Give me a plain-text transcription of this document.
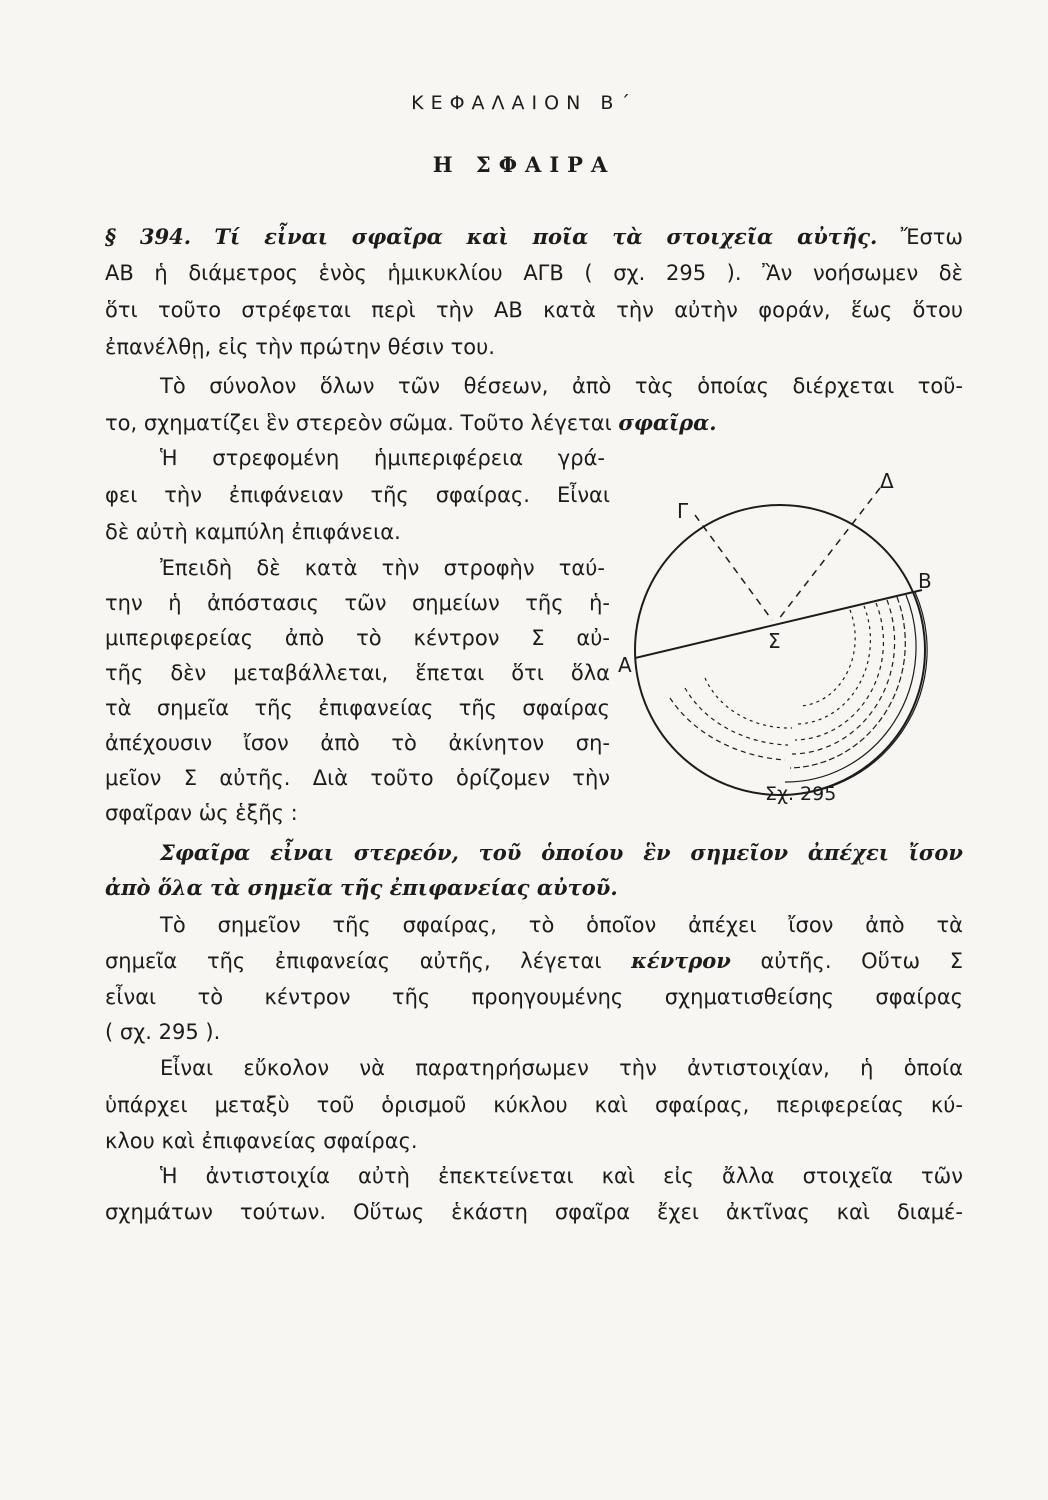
ΚΕΦΑΛΑΙΟΝ Β΄
Η ΣΦΑΙΡΑ
§ 394. Τί εἶναι σφαῖρα καὶ ποῖα τὰ στοιχεῖα αὐτῆς. Ἔστω
ΑΒ ἡ διάμετρος ἑνὸς ἡμικυκλίου ΑΓΒ ( σχ. 295 ). Ἂν νοήσωμεν δὲ
ὅτι τοῦτο στρέφεται περὶ τὴν ΑΒ κατὰ τὴν αὐτὴν φοράν, ἕως ὅτου
ἐπανέλθῃ, εἰς τὴν πρώτην θέσιν του.
Τὸ σύνολον ὅλων τῶν θέσεων, ἀπὸ τὰς ὁποίας διέρχεται τοῦ-
το, σχηματίζει ἓν στερεὸν σῶμα. Τοῦτο λέγεται σφαῖρα.
Ἡ στρεφομένη ἡμιπεριφέρεια γρά-
φει τὴν ἐπιφάνειαν τῆς σφαίρας. Εἶναι
δὲ αὐτὴ καμπύλη ἐπιφάνεια.
Ἐπειδὴ δὲ κατὰ τὴν στροφὴν ταύ-
την ἡ ἀπόστασις τῶν σημείων τῆς ἡ-
μιπεριφερείας ἀπὸ τὸ κέντρον Σ αὐ-
τῆς δὲν μεταβάλλεται, ἕπεται ὅτι ὅλα
τὰ σημεῖα τῆς ἐπιφανείας τῆς σφαίρας
ἀπέχουσιν ἴσον ἀπὸ τὸ ἀκίνητον ση-
μεῖον Σ αὐτῆς. Διὰ τοῦτο ὁρίζομεν τὴν
σφαῖραν ὡς ἑξῆς :
Σφαῖρα εἶναι στερεόν, τοῦ ὁποίου ἓν σημεῖον ἀπέχει ἴσον
ἀπὸ ὅλα τὰ σημεῖα τῆς ἐπιφανείας αὐτοῦ.
Τὸ σημεῖον τῆς σφαίρας, τὸ ὁποῖον ἀπέχει ἴσον ἀπὸ τὰ
σημεῖα τῆς ἐπιφανείας αὐτῆς, λέγεται κέντρον αὐτῆς. Οὕτω Σ
εἶναι τὸ κέντρον τῆς προηγουμένης σχηματισθείσης σφαίρας
( σχ. 295 ).
Εἶναι εὔκολον νὰ παρατηρήσωμεν τὴν ἀντιστοιχίαν, ἡ ὁποία
ὑπάρχει μεταξὺ τοῦ ὁρισμοῦ κύκλου καὶ σφαίρας, περιφερείας κύ-
κλου καὶ ἐπιφανείας σφαίρας.
Ἡ ἀντιστοιχία αὐτὴ ἐπεκτείνεται καὶ εἰς ἄλλα στοιχεῖα τῶν
σχημάτων τούτων. Οὕτως ἑκάστη σφαῖρα ἔχει ἀκτῖνας καὶ διαμέ-
Γ
Δ
Β
Α
Σ
Σχ. 295
